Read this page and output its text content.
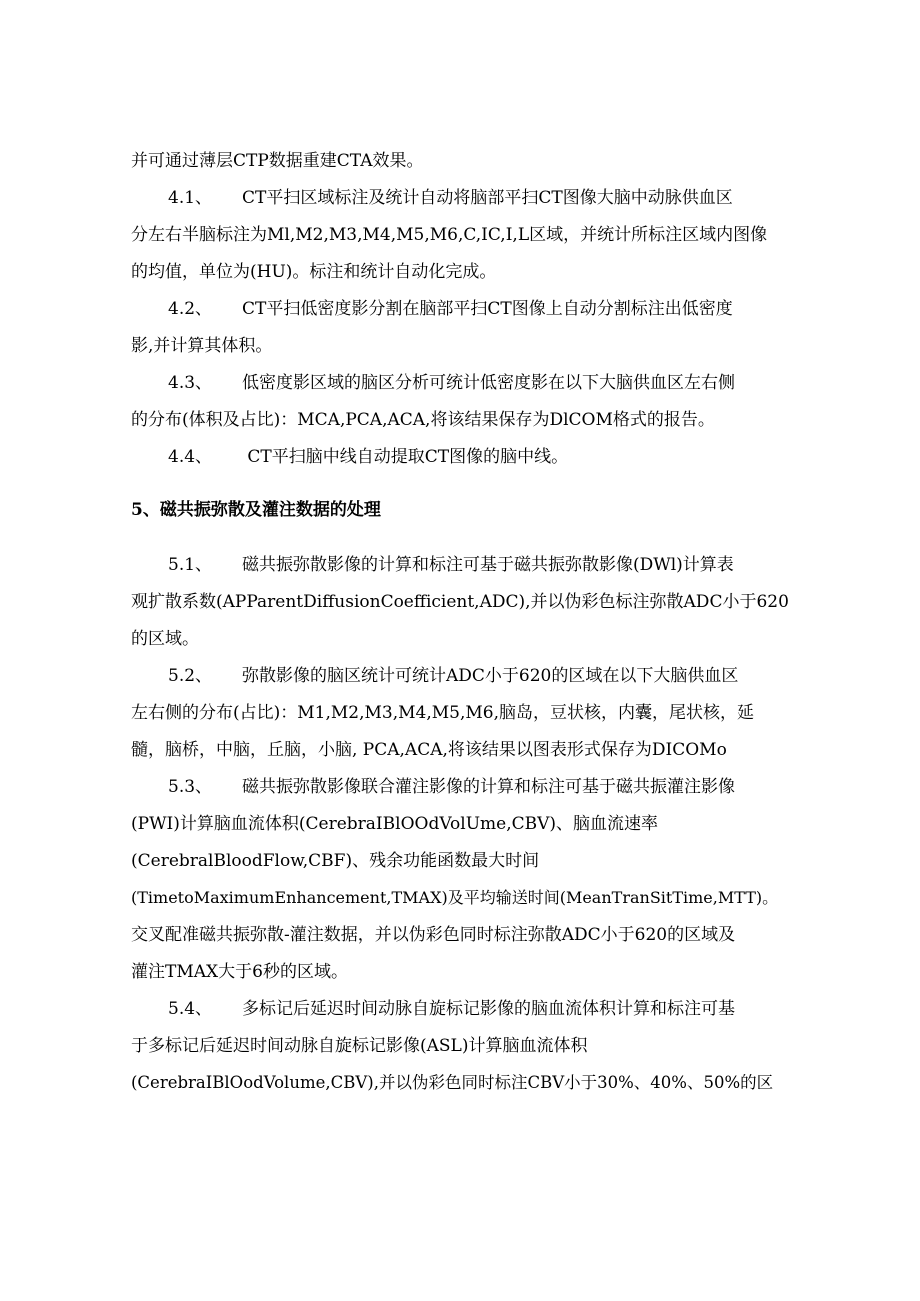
并可通过薄层CTP数据重建CTA效果。
4.1、 CT平扫区域标注及统计自动将脑部平扫CT图像大脑中动脉供血区
分左右半脑标注为Ml,M2,M3,M4,M5,M6,C,IC,I,L区域，并统计所标注区域内图像
的均值，单位为(HU)。标注和统计自动化完成。
4.2、 CT平扫低密度影分割在脑部平扫CT图像上自动分割标注出低密度
影,并计算其体积。
4.3、 低密度影区域的脑区分析可统计低密度影在以下大脑供血区左右侧
的分布(体积及占比)：MCA,PCA,ACA,将该结果保存为DlCOM格式的报告。
4.4、 CT平扫脑中线自动提取CT图像的脑中线。
5、磁共振弥散及灌注数据的处理
5.1、 磁共振弥散影像的计算和标注可基于磁共振弥散影像(DWl)计算表
观扩散系数(APParentDiffusionCoefficient,ADC),并以伪彩色标注弥散ADC小于620
的区域。
5.2、 弥散影像的脑区统计可统计ADC小于620的区域在以下大脑供血区
左右侧的分布(占比)：M1,M2,M3,M4,M5,M6,脑岛，豆状核，内囊，尾状核，延
髓，脑桥，中脑，丘脑，小脑, PCA,ACA,将该结果以图表形式保存为DICOMo
5.3、 磁共振弥散影像联合灌注影像的计算和标注可基于磁共振灌注影像
(PWI)计算脑血流体积(CerebraIBlOOdVolUme,CBV)、脑血流速率
(CerebralBloodFlow,CBF)、残余功能函数最大时间
(TimetoMaximumEnhancement,TMAX)及平均输送时间(MeanTranSitTime,MTT)。
交叉配准磁共振弥散-灌注数据，并以伪彩色同时标注弥散ADC小于620的区域及
灌注TMAX大于6秒的区域。
5.4、 多标记后延迟时间动脉自旋标记影像的脑血流体积计算和标注可基
于多标记后延迟时间动脉自旋标记影像(ASL)计算脑血流体积
(CerebraIBlOodVolume,CBV),并以伪彩色同时标注CBV小于30%、40%、50%的区
